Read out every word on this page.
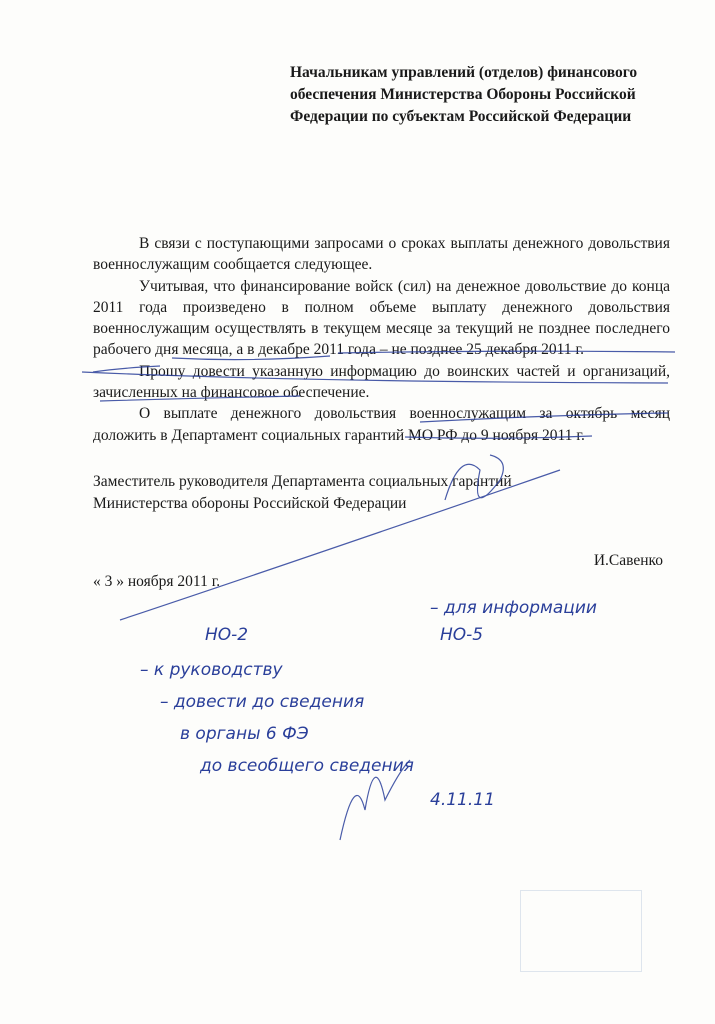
Начальникам управлений (отделов) финансового
обеспечения Министерства Обороны Российской
Федерации по субъектам Российской Федерации

В связи с поступающими запросами о сроках выплаты денежного довольствия военнослужащим сообщается следующее.

Учитывая, что финансирование войск (сил) на денежное довольствие до конца 2011 года произведено в полном объеме выплату денежного довольствия военнослужащим осуществлять в текущем месяце за текущий не позднее последнего рабочего дня месяца, а в декабре 2011 года – не позднее 25 декабря 2011 г.

Прошу довести указанную информацию до воинских частей и организаций, зачисленных на финансовое обеспечение.

О выплате денежного довольствия военнослужащим за октябрь месяц доложить в Департамент социальных гарантий МО РФ до 9 ноября 2011 г.

Заместитель руководителя Департамента социальных гарантий
Министерства обороны Российской Федерации
И.Савенко
« 3 » ноября 2011 г.
НО-2	НО-5
– для информации
– к руководству
– довести до сведения
в органы 6 ФЭ
до всеобщего сведения
4.11.11
